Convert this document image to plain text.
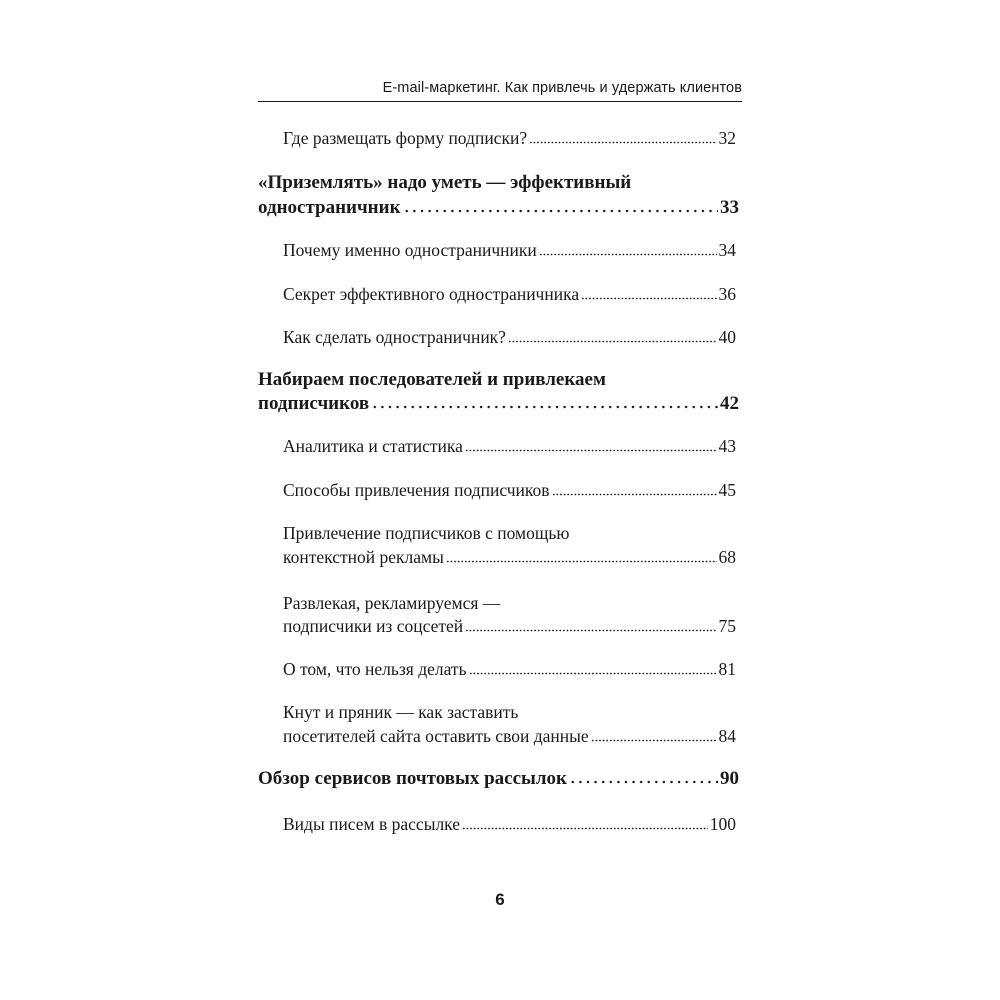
E-mail-маркетинг. Как привлечь и удержать клиентов
Где размещать форму подписки?	32
«Приземлять» надо уметь — эффективный
одностраничник	33
Почему именно одностраничники	34
Секрет эффективного одностраничника	36
Как сделать одностраничник?	40
Набираем последователей и привлекаем
подписчиков	42
Аналитика и статистика	43
Способы привлечения подписчиков	45
Привлечение подписчиков с помощью
контекстной рекламы	68
Развлекая, рекламируемся —
подписчики из соцсетей	75
О том, что нельзя делать	81
Кнут и пряник — как заставить
посетителей сайта оставить свои данные	84
Обзор сервисов почтовых рассылок	90
Виды писем в рассылке	100
6
